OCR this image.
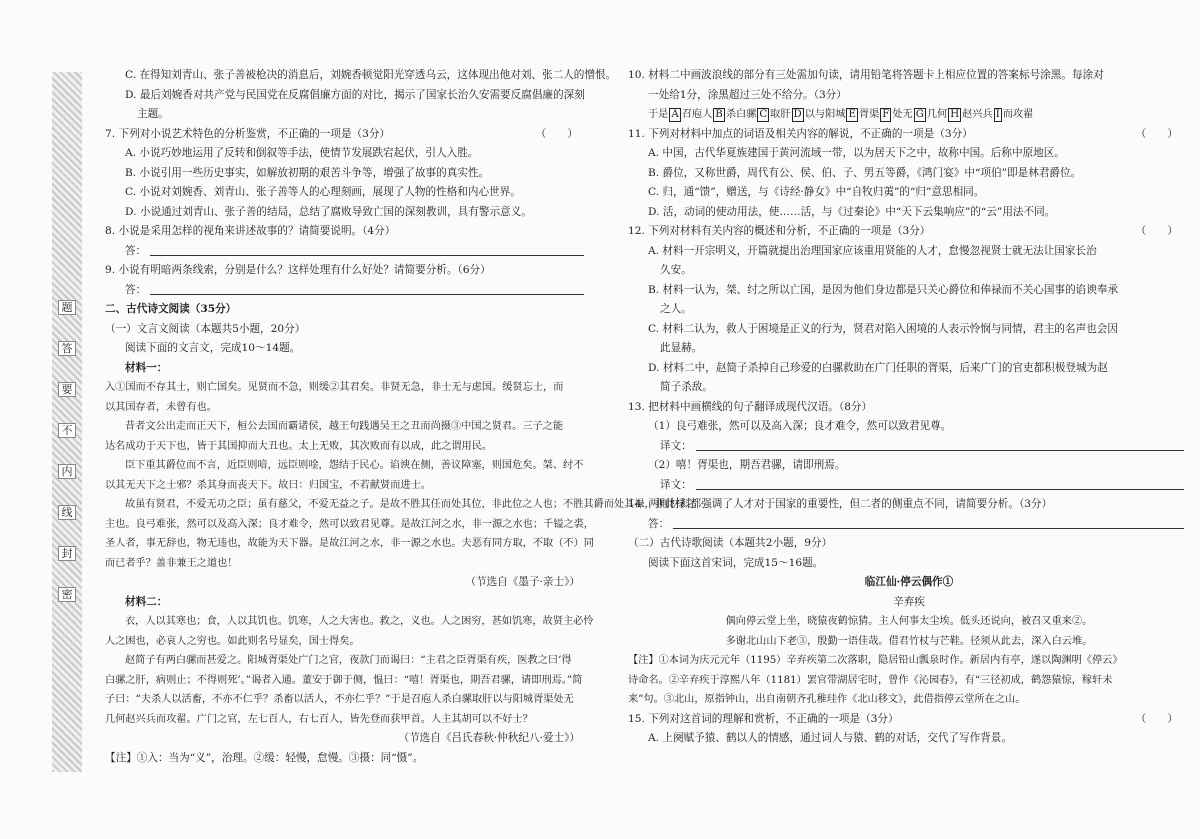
题
答
要
不
内
线
封
密
C. 在得知刘青山、张子善被枪决的消息后，刘婉香顿觉阳光穿透乌云，这体现出他对刘、张二人的憎恨。
D. 最后刘婉香对共产党与民国党在反腐倡廉方面的对比，揭示了国家长治久安需要反腐倡廉的深刻
主题。
7. 下列对小说艺术特色的分析鉴赏，不正确的一项是（3分）	（　　）
A. 小说巧妙地运用了反转和倒叙等手法，使情节发展跌宕起伏，引人入胜。
B. 小说引用一些历史事实，如解放初期的艰苦斗争等，增强了故事的真实性。
C. 小说对刘婉香、刘青山、张子善等人的心理刻画，展现了人物的性格和内心世界。
D. 小说通过刘青山、张子善的结局，总结了腐败导致亡国的深刻教训，具有警示意义。
8. 小说是采用怎样的视角来讲述故事的？请简要说明。（4分）
答：
9. 小说有明暗两条线索，分别是什么？这样处理有什么好处？请简要分析。（6分）
答：
二、古代诗文阅读（35分）
（一）文言文阅读（本题共5小题，20分）
阅读下面的文言文，完成10～14题。
材料一：
入①国而不存其士，则亡国矣。见贤而不急，则缓②其君矣。非贤无急，非士无与虑国。缓贤忘士，而
以其国存者，未曾有也。
昔者文公出走而正天下，桓公去国而霸诸侯，越王句践遇吴王之丑而尚摄③中国之贤君。三子之能
达名成功于天下也，皆于其国抑而大丑也。太上无败，其次败而有以成，此之谓用民。
臣下重其爵位而不言，近臣则喑，远臣则唫，怨结于民心。谄谀在侧，善议障塞，则国危矣。桀、纣不
以其无天下之士邪？杀其身而丧天下。故曰：归国宝，不若献贤而进士。
故虽有贤君，不爱无功之臣；虽有慈父，不爱无益之子。是故不胜其任而处其位，非此位之人也；不胜其爵而处其禄，非此禄之
主也。良弓难张，然可以及高入深；良才难令，然可以致君见尊。是故江河之水，非一源之水也；千镒之裘，
圣人者，事无辞也，物无违也，故能为天下器。是故江河之水，非一源之水也。夫恶有同方取，不取（不）同
而已者乎？盖非兼王之道也！
（节选自《墨子·亲士》）
材料二：
衣，人以其寒也；食，人以其饥也。饥寒，人之大害也。救之，义也。人之困穷，甚如饥寒，故贤主必怜
人之困也，必哀人之穷也。如此则名号显矣，国士得矣。
赵简子有两白骡而甚爱之。阳城胥渠处广门之官，夜款门而谒曰：“主君之臣胥渠有疾，医教之曰‘得
白骡之肝，病则止；不得则死’。”谒者入通。董安于御于侧，愠曰：“嘻！胥渠也，期吾君骡，请即刑焉。”简
子曰：“夫杀人以活畜，不亦不仁乎？杀畜以活人，不亦仁乎？”于是召庖人杀白骡取肝以与阳城胥渠处无
几何赵兴兵而攻翟。广门之官，左七百人，右七百人，皆先登而获甲首。人主其胡可以不好士？
（节选自《吕氏春秋·仲秋纪八·爱士》）
【注】①入：当为“义”，治理。②缓：轻慢，怠慢。③摄：同“慑”。
10. 材料二中画波浪线的部分有三处需加句读，请用铅笔将答题卡上相应位置的答案标号涂黑。每涂对
一处给1分，涂黑超过三处不给分。（3分）
于是 A 召庖人 B 杀白骡 C 取肝 D 以与阳城 E 胥渠 F 处无 G 几何 H 赵兴兵 I 而攻翟
11. 下列对材料中加点的词语及相关内容的解说，不正确的一项是（3分）	（　　）
A. 中国，古代华夏族建国于黄河流域一带，以为居天下之中，故称中国。后称中原地区。
B. 爵位，又称世爵，周代有公、侯、伯、子、男五等爵，《鸿门宴》中“项伯”即是林君爵位。
C. 归，通“馈”，赠送，与《诗经·静女》中“自牧归荑”的“归”意思相同。
D. 活，动词的使动用法，使……活，与《过秦论》中“天下云集响应”的“云”用法不同。
12. 下列对材料有关内容的概述和分析，不正确的一项是（3分）	（　　）
A. 材料一开宗明义，开篇就提出治理国家应该重用贤能的人才，怠慢忽视贤士就无法让国家长治
久安。
B. 材料一认为，桀、纣之所以亡国，是因为他们身边都是只关心爵位和俸禄而不关心国事的谄谀奉承
之人。
C. 材料二认为，救人于困境是正义的行为，贤君对陷入困境的人表示怜悯与同情，君主的名声也会因
此显赫。
D. 材料二中，赵简子杀掉自己珍爱的白骡救助在广门任职的胥渠，后来广门的官吏都积极登城为赵
简子杀敌。
13. 把材料中画横线的句子翻译成现代汉语。（8分）
（1）良弓难张，然可以及高入深；良才难令，然可以致君见尊。
译文：
（2）嘻！胥渠也，期吾君骡，请即刑焉。
译文：
14. 两则材料都强调了人才对于国家的重要性，但二者的侧重点不同，请简要分析。（3分）
答：
（二）古代诗歌阅读（本题共2小题，9分）
阅读下面这首宋词，完成15～16题。
临江仙·停云偶作①
辛弃疾
偶向停云堂上坐，晓猿夜鹤惊猜。主人何事太尘埃。低头还说向，被召又重来②。
多谢北山山下老③，殷勤一语佳哉。借君竹杖与芒鞋。径须从此去，深入白云堆。
【注】①本词为庆元元年（1195）辛弃疾第二次落职，隐居铅山瓢泉时作。新居内有亭，遂以陶渊明《停云》
诗命名。②辛弃疾于淳熙八年（1181）罢官带湖居宅时，曾作《沁园春》，有“三径初成，鹤怨猿惊，稼轩未
来”句。③北山，原指钟山，出自南朝齐孔稚珪作《北山移文》，此借指停云堂所在之山。
15. 下列对这首词的理解和赏析，不正确的一项是（3分）	（　　）
A. 上阕赋予猿、鹤以人的情感，通过词人与猿、鹤的对话，交代了写作背景。
